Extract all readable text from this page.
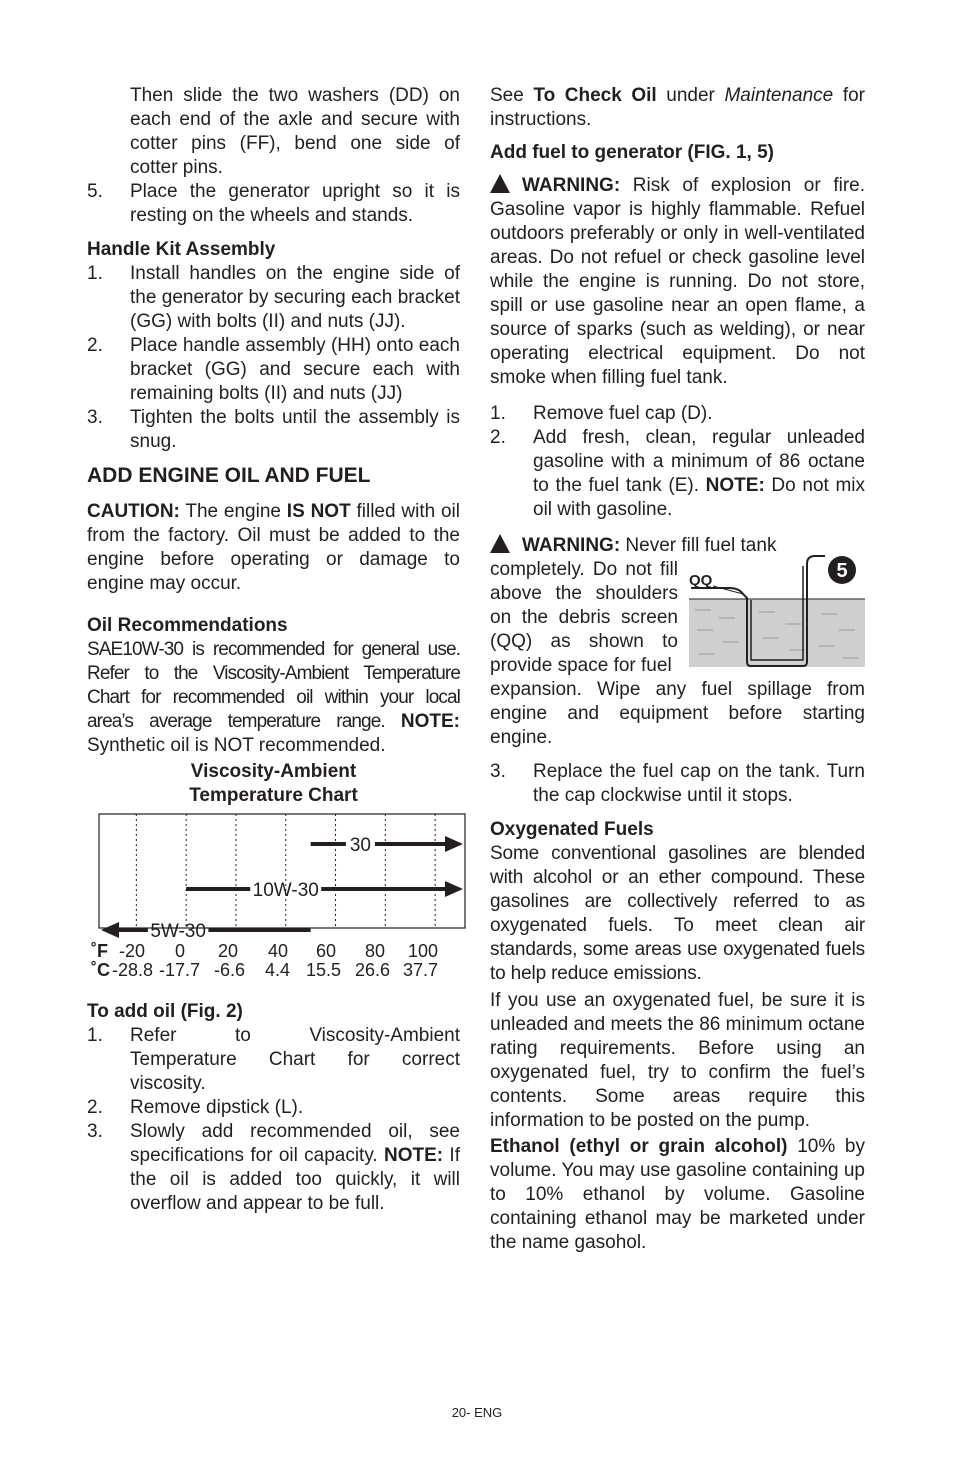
Then slide the two washers (DD) on each end of the axle and secure with cotter pins (FF), bend one side of cotter pins.

5.	Place the generator upright so it is resting on the wheels and stands.
Handle Kit Assembly
1.	Install handles on the engine side of the generator by securing each bracket (GG) with bolts (II) and nuts (JJ).
2.	Place handle assembly (HH) onto each bracket (GG) and secure each with remaining bolts (II) and nuts (JJ)
3.	Tighten the bolts until the assembly is snug.
ADD ENGINE OIL AND FUEL

CAUTION: The engine IS NOT filled with oil from the factory. Oil must be added to the engine before operating or damage to engine may occur.

Oil Recommendations

SAE10W-30 is recommended for general use. Refer to the Viscosity-Ambient Temperature Chart for recommended oil within your local area’s average temperature range. NOTE: Synthetic oil is NOT recommended.

Viscosity-Ambient
Temperature Chart
30
10W-30
5W-30
˚F -20 0 20 40 60 80 100
˚C -28.8 -17.7 -6.6 4.4 15.5 26.6 37.7
To add oil (Fig. 2)
1.	Refer to Viscosity-Ambient Temperature Chart for correct viscosity.
2.	Remove dipstick (L).
3.	Slowly add recommended oil, see specifications for oil capacity. NOTE: If the oil is added too quickly, it will overflow and appear to be full.

See To Check Oil under Maintenance for instructions.

Add fuel to generator (FIG. 1, 5)

WARNING: Risk of explosion or fire. Gasoline vapor is highly flammable. Refuel outdoors preferably or only in well-ventilated areas. Do not refuel or check gasoline level while the engine is running. Do not store, spill or use gasoline near an open flame, a source of sparks (such as welding), or near operating electrical equipment. Do not smoke when filling fuel tank.

1.	Remove fuel cap (D).
2.	Add fresh, clean, regular unleaded gasoline with a minimum of 86 octane to the fuel tank (E). NOTE: Do not mix oil with gasoline.

WARNING: Never fill fuel tank

completely. Do not fill above the shoulders on the debris screen (QQ) as shown to provide space for fuel

QQ	5

expansion. Wipe any fuel spillage from engine and equipment before starting engine.

3.	Replace the fuel cap on the tank. Turn the cap clockwise until it stops.
Oxygenated Fuels

Some conventional gasolines are blended with alcohol or an ether compound. These gasolines are collectively referred to as oxygenated fuels. To meet clean air standards, some areas use oxygenated fuels to help reduce emissions.

If you use an oxygenated fuel, be sure it is unleaded and meets the 86 minimum octane rating requirements. Before using an oxygenated fuel, try to confirm the fuel’s contents. Some areas require this information to be posted on the pump.

Ethanol (ethyl or grain alcohol) 10% by volume. You may use gasoline containing up to 10% ethanol by volume. Gasoline containing ethanol may be marketed under the name gasohol.

20- ENG
